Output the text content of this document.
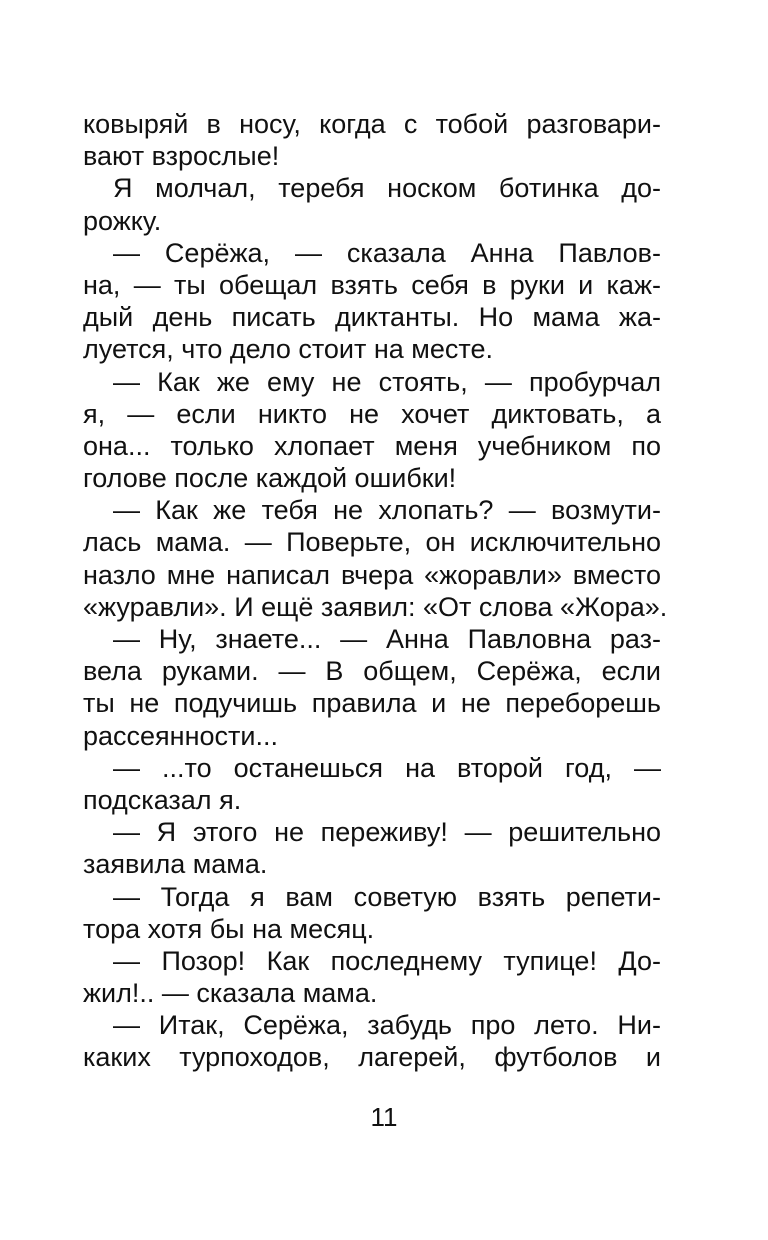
ковыряй в носу, когда с тобой разговари-
вают взрослые!
Я молчал, теребя носком ботинка до-
рожку.
— Серёжа, — сказала Анна Павлов-
на, — ты обещал взять себя в руки и каж-
дый день писать диктанты. Но мама жа-
луется, что дело стоит на месте.
— Как же ему не стоять, — пробурчал
я, — если никто не хочет диктовать, а
она... только хлопает меня учебником по
голове после каждой ошибки!
— Как же тебя не хлопать? — возмути-
лась мама. — Поверьте, он исключительно
назло мне написал вчера «жоравли» вместо
«журавли». И ещё заявил: «От слова «Жора».
— Ну, знаете... — Анна Павловна раз-
вела руками. — В общем, Серёжа, если
ты не подучишь правила и не переборешь
рассеянности...
— ...то останешься на второй год, —
подсказал я.
— Я этого не переживу! — решительно
заявила мама.
— Тогда я вам советую взять репети-
тора хотя бы на месяц.
— Позор! Как последнему тупице! До-
жил!.. — сказала мама.
— Итак, Серёжа, забудь про лето. Ни-
каких турпоходов, лагерей, футболов и
11
